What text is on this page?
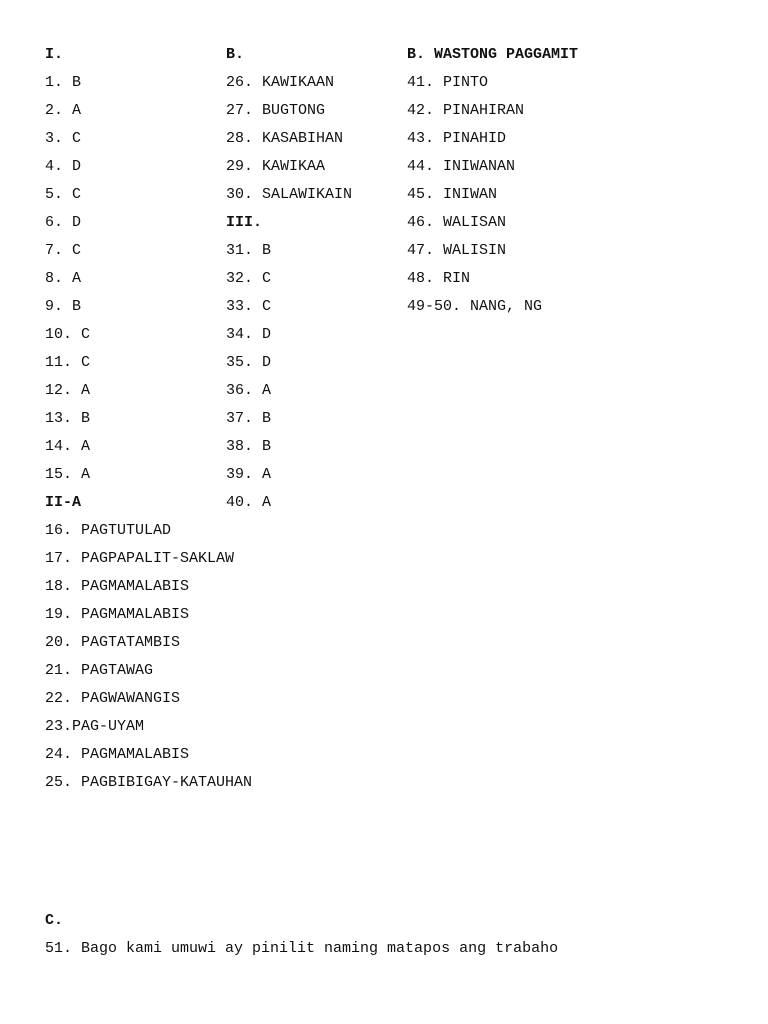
I.
1. B
2. A
3. C
4. D
5. C
6. D
7. C
8. A
9. B
10. C
11. C
12. A
13. B
14. A
15. A
II-A
16. PAGTUTULAD
17. PAGPAPALIT-SAKLAW
18. PAGMAMALABIS
19. PAGMAMALABIS
20. PAGTATAMBIS
21. PAGTAWAG
22. PAGWAWANGIS
23.PAG-UYAM
24. PAGMAMALABIS
25. PAGBIBIGAY-KATAUHAN
B.
26. KAWIKAAN
27. BUGTONG
28. KASABIHAN
29. KAWIKAA
30. SALAWIKAIN
III.
31. B
32. C
33. C
34. D
35. D
36. A
37. B
38. B
39. A
40. A
B. WASTONG PAGGAMIT
41. PINTO
42. PINAHIRAN
43. PINAHID
44. INIWANAN
45. INIWAN
46. WALISAN
47. WALISIN
48. RIN
49-50. NANG, NG
C.
51. Bago kami umuwi ay pinilit naming matapos ang trabaho
